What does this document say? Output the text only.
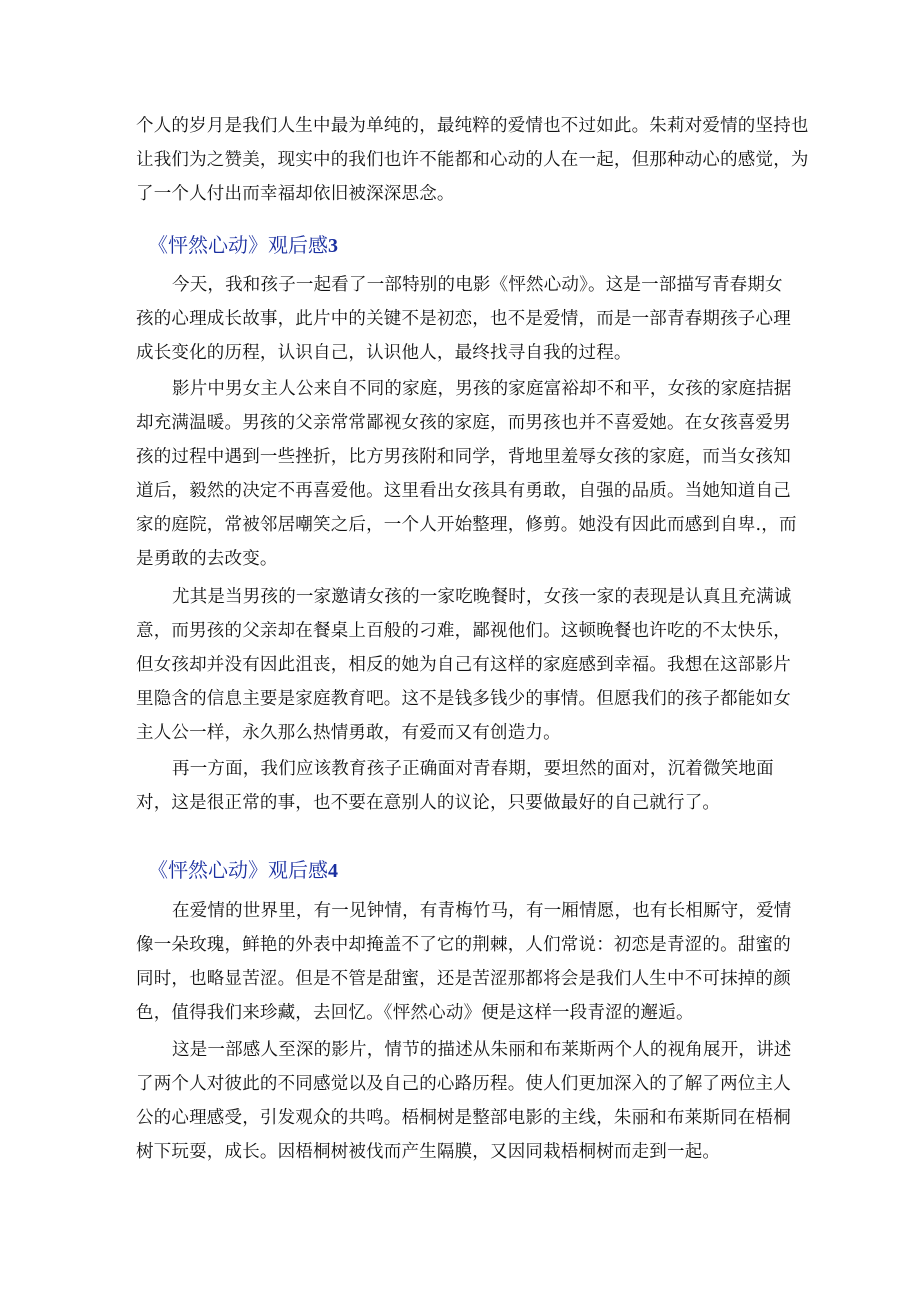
个人的岁月是我们人生中最为单纯的，最纯粹的爱情也不过如此。朱莉对爱情的坚持也
让我们为之赞美，现实中的我们也许不能都和心动的人在一起，但那种动心的感觉，为
了一个人付出而幸福却依旧被深深思念。
《怦然心动》观后感3
今天，我和孩子一起看了一部特别的电影《怦然心动》。这是一部描写青春期女
孩的心理成长故事，此片中的关键不是初恋，也不是爱情，而是一部青春期孩子心理
成长变化的历程，认识自己，认识他人，最终找寻自我的过程。
影片中男女主人公来自不同的家庭，男孩的家庭富裕却不和平，女孩的家庭拮据
却充满温暖。男孩的父亲常常鄙视女孩的家庭，而男孩也并不喜爱她。在女孩喜爱男
孩的过程中遇到一些挫折，比方男孩附和同学，背地里羞辱女孩的家庭，而当女孩知
道后，毅然的决定不再喜爱他。这里看出女孩具有勇敢，自强的品质。当她知道自己
家的庭院，常被邻居嘲笑之后，一个人开始整理，修剪。她没有因此而感到自卑.，而
是勇敢的去改变。
尤其是当男孩的一家邀请女孩的一家吃晚餐时，女孩一家的表现是认真且充满诚
意，而男孩的父亲却在餐桌上百般的刁难，鄙视他们。这顿晚餐也许吃的不太快乐，
但女孩却并没有因此沮丧，相反的她为自己有这样的家庭感到幸福。我想在这部影片
里隐含的信息主要是家庭教育吧。这不是钱多钱少的事情。但愿我们的孩子都能如女
主人公一样，永久那么热情勇敢，有爱而又有创造力。
再一方面，我们应该教育孩子正确面对青春期，要坦然的面对，沉着微笑地面
对，这是很正常的事，也不要在意别人的议论，只要做最好的自己就行了。
《怦然心动》观后感4
在爱情的世界里，有一见钟情，有青梅竹马，有一厢情愿，也有长相厮守，爱情
像一朵玫瑰，鲜艳的外表中却掩盖不了它的荆棘，人们常说：初恋是青涩的。甜蜜的
同时，也略显苦涩。但是不管是甜蜜，还是苦涩那都将会是我们人生中不可抹掉的颜
色，值得我们来珍藏，去回忆。《怦然心动》便是这样一段青涩的邂逅。
这是一部感人至深的影片，情节的描述从朱丽和布莱斯两个人的视角展开，讲述
了两个人对彼此的不同感觉以及自己的心路历程。使人们更加深入的了解了两位主人
公的心理感受，引发观众的共鸣。梧桐树是整部电影的主线，朱丽和布莱斯同在梧桐
树下玩耍，成长。因梧桐树被伐而产生隔膜，又因同栽梧桐树而走到一起。
